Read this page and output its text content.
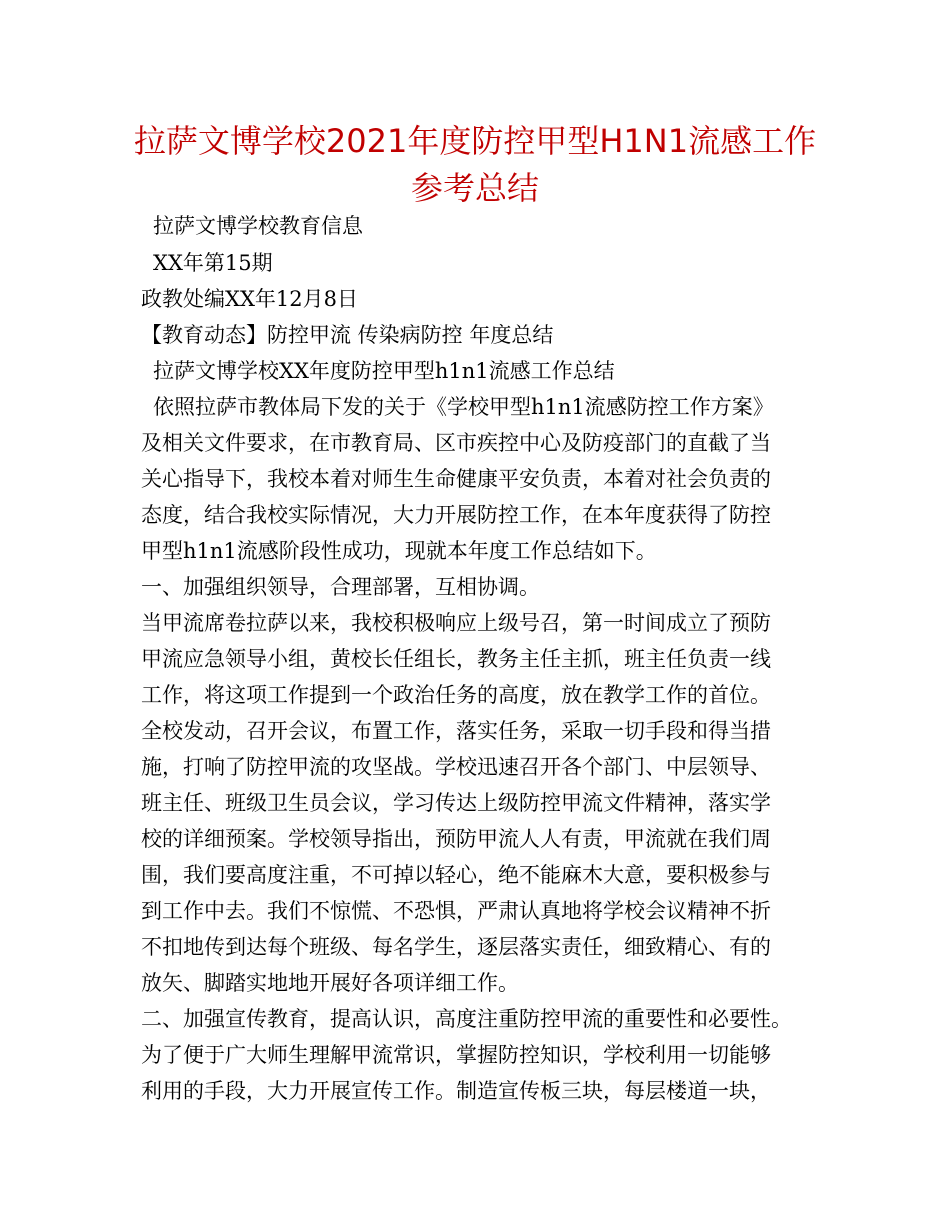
拉萨文博学校2021年度防控甲型H1N1流感工作参考总结

拉萨文博学校教育信息

XX年第15期

政教处编XX年12月8日

【教育动态】防控甲流 传染病防控 年度总结

拉萨文博学校XX年度防控甲型h1n1流感工作总结

依照拉萨市教体局下发的关于《学校甲型h1n1流感防控工作方案》

及相关文件要求，在市教育局、区市疾控中心及防疫部门的直截了当

关心指导下，我校本着对师生生命健康平安负责，本着对社会负责的

态度，结合我校实际情况，大力开展防控工作，在本年度获得了防控

甲型h1n1流感阶段性成功，现就本年度工作总结如下。

一、加强组织领导，合理部署，互相协调。

当甲流席卷拉萨以来，我校积极响应上级号召，第一时间成立了预防

甲流应急领导小组，黄校长任组长，教务主任主抓，班主任负责一线

工作，将这项工作提到一个政治任务的高度，放在教学工作的首位。

全校发动，召开会议，布置工作，落实任务，采取一切手段和得当措

施，打响了防控甲流的攻坚战。学校迅速召开各个部门、中层领导、

班主任、班级卫生员会议，学习传达上级防控甲流文件精神，落实学

校的详细预案。学校领导指出，预防甲流人人有责，甲流就在我们周

围，我们要高度注重，不可掉以轻心，绝不能麻木大意，要积极参与

到工作中去。我们不惊慌、不恐惧，严肃认真地将学校会议精神不折

不扣地传到达每个班级、每名学生，逐层落实责任，细致精心、有的

放矢、脚踏实地地开展好各项详细工作。

二、加强宣传教育，提高认识，高度注重防控甲流的重要性和必要性。

为了便于广大师生理解甲流常识，掌握防控知识，学校利用一切能够

利用的手段，大力开展宣传工作。制造宣传板三块，每层楼道一块，
